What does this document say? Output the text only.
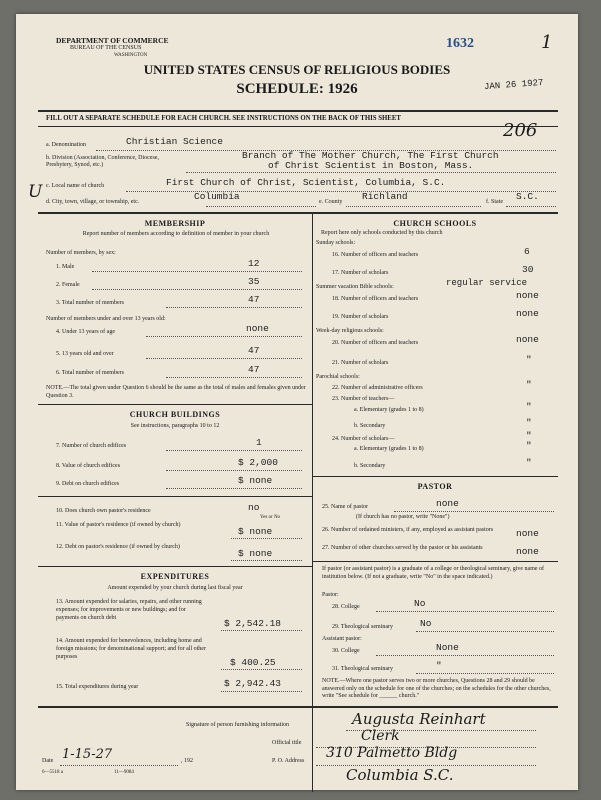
DEPARTMENT OF COMMERCE
BUREAU OF THE CENSUS
WASHINGTON
1632	1
UNITED STATES CENSUS OF RELIGIOUS BODIES
SCHEDULE: 1926	JAN 26 1927
FILL OUT A SEPARATE SCHEDULE FOR EACH CHURCH. SEE INSTRUCTIONS ON THE BACK OF THIS SHEET
206
a. Denomination	Christian Science
b. Division (Association, Conference, Diocese, Presbytery, Synod, etc.)
Branch of The Mother Church, The First Church
of Christ Scientist in Boston, Mass.
U c. Local name of church	First Church of Christ, Scientist, Columbia, S.C.
d. City, town, village, or township, etc.	Columbia	e. County Richland	f. State S.C.
MEMBERSHIP
Report number of members according to definition of member in your church
Number of members, by sex:
1. Male	12
2. Female	35
3. Total number of members	47
Number of members under and over 13 years old:
4. Under 13 years of age	none
5. 13 years old and over	47
6. Total number of members	47
NOTE.—The total given under Question 6 should be the same as the total of males and females given under Question 3.
CHURCH BUILDINGS
See instructions, paragraphs 10 to 12
7. Number of church edifices	1
8. Value of church edifices	$ 2,000
9. Debt on church edifices	$ none
10. Does church own pastor's residence	no
Yes or No
11. Value of pastor's residence (if owned by church)
$ none
12. Debt on pastor's residence (if owned by church)
$ none
EXPENDITURES
Amount expended by your church during last fiscal year
13. Amount expended for salaries, repairs, and other running expenses; for improvements or new buildings; and for payments on church debt	$ 2,542.18
14. Amount expended for benevolences, including home and foreign missions; for denominational support; and for all other purposes	$ 400.25
15. Total expenditures during year	$ 2,942.43
CHURCH SCHOOLS
Report here only schools conducted by this church
Sunday schools:
16. Number of officers and teachers	6
17. Number of scholars	30
Summer vacation Bible schools:	regular service
18. Number of officers and teachers	none
19. Number of scholars	none
Week-day religious schools:
20. Number of officers and teachers	none
21. Number of scholars	"
Parochial schools:
22. Number of administrative officers	"
23. Number of teachers—
a. Elementary (grades 1 to 8)	"
b. Secondary	"
24. Number of scholars—	"
a. Elementary (grades 1 to 8)	"
b. Secondary	"
PASTOR
25. Name of pastor	none
(If church has no pastor, write "None")
26. Number of ordained ministers, if any, employed as assistant pastors	none
27. Number of other churches served by the pastor or his assistants	none
If pastor (or assistant pastor) is a graduate of a college or theological seminary, give name of institution below. (If not a graduate, write "No" in the space indicated.)
Pastor:
28. College	No
29. Theological seminary	No
Assistant pastor:
30. College	None
31. Theological seminary	"
NOTE.—Where one pastor serves two or more churches, Questions 28 and 29 should be answered only on the schedule for one of the churches; on the schedules for the other churches, write "See schedule for ______ church."
Signature of person furnishing information	Augusta Reinhart
Official title	Clerk
Date 1-15-27	, 192	P. O. Address 310 Palmetto Bldg
6—5518 a	11—9084	Columbia S.C.
